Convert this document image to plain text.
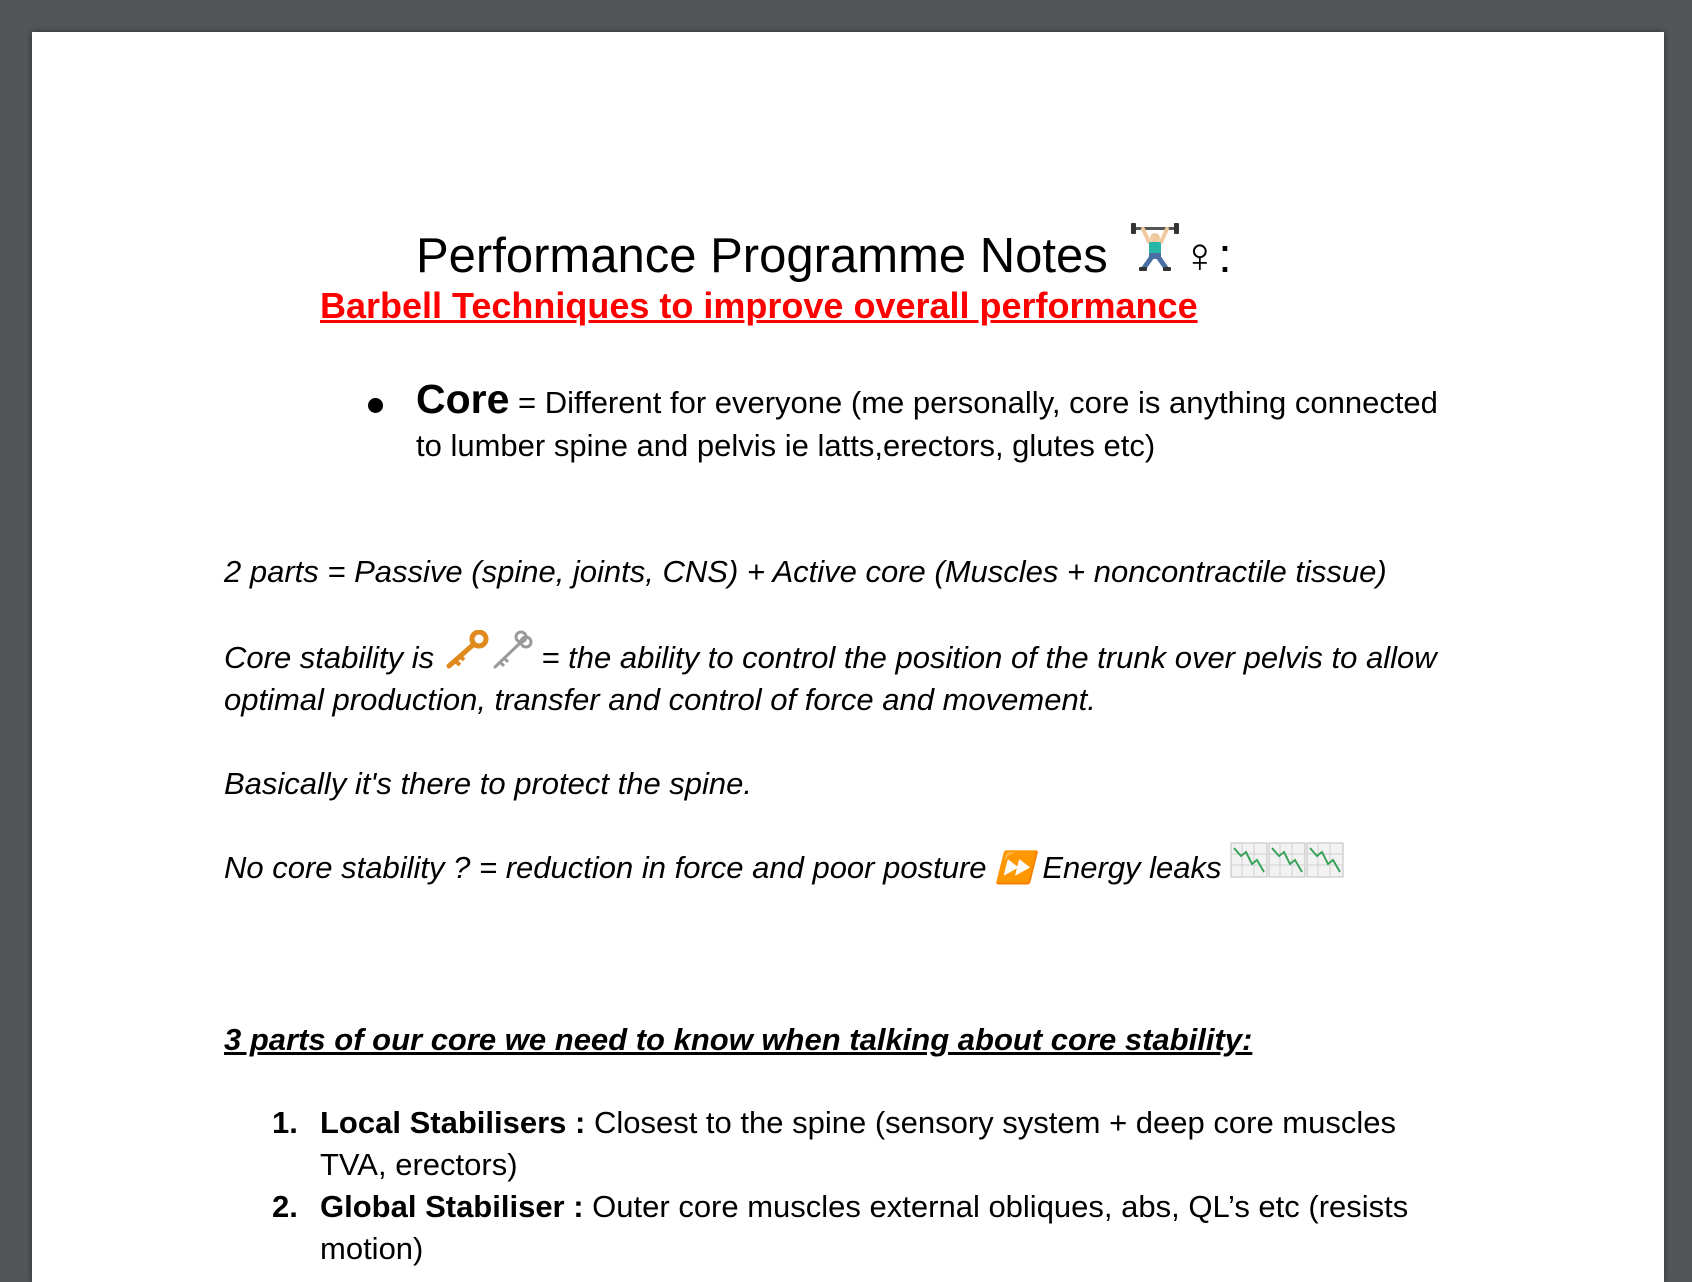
Performance Programme Notes ♀:
Barbell Techniques to improve overall performance
Core = Different for everyone (me personally, core is anything connected
to lumber spine and pelvis ie latts,erectors, glutes etc)
2 parts = Passive (spine, joints, CNS) + Active core (Muscles + noncontractile tissue)
Core stability is	= the ability to control the position of the trunk over pelvis to allow
optimal production, transfer and control of force and movement.
Basically it's there to protect the spine.
No core stability ? = reduction in force and poor posture ⏩ Energy leaks
3 parts of our core we need to know when talking about core stability:
1. Local Stabilisers : Closest to the spine (sensory system + deep core muscles
TVA, erectors)
2. Global Stabiliser : Outer core muscles external obliques, abs, QL’s etc (resists
motion)
